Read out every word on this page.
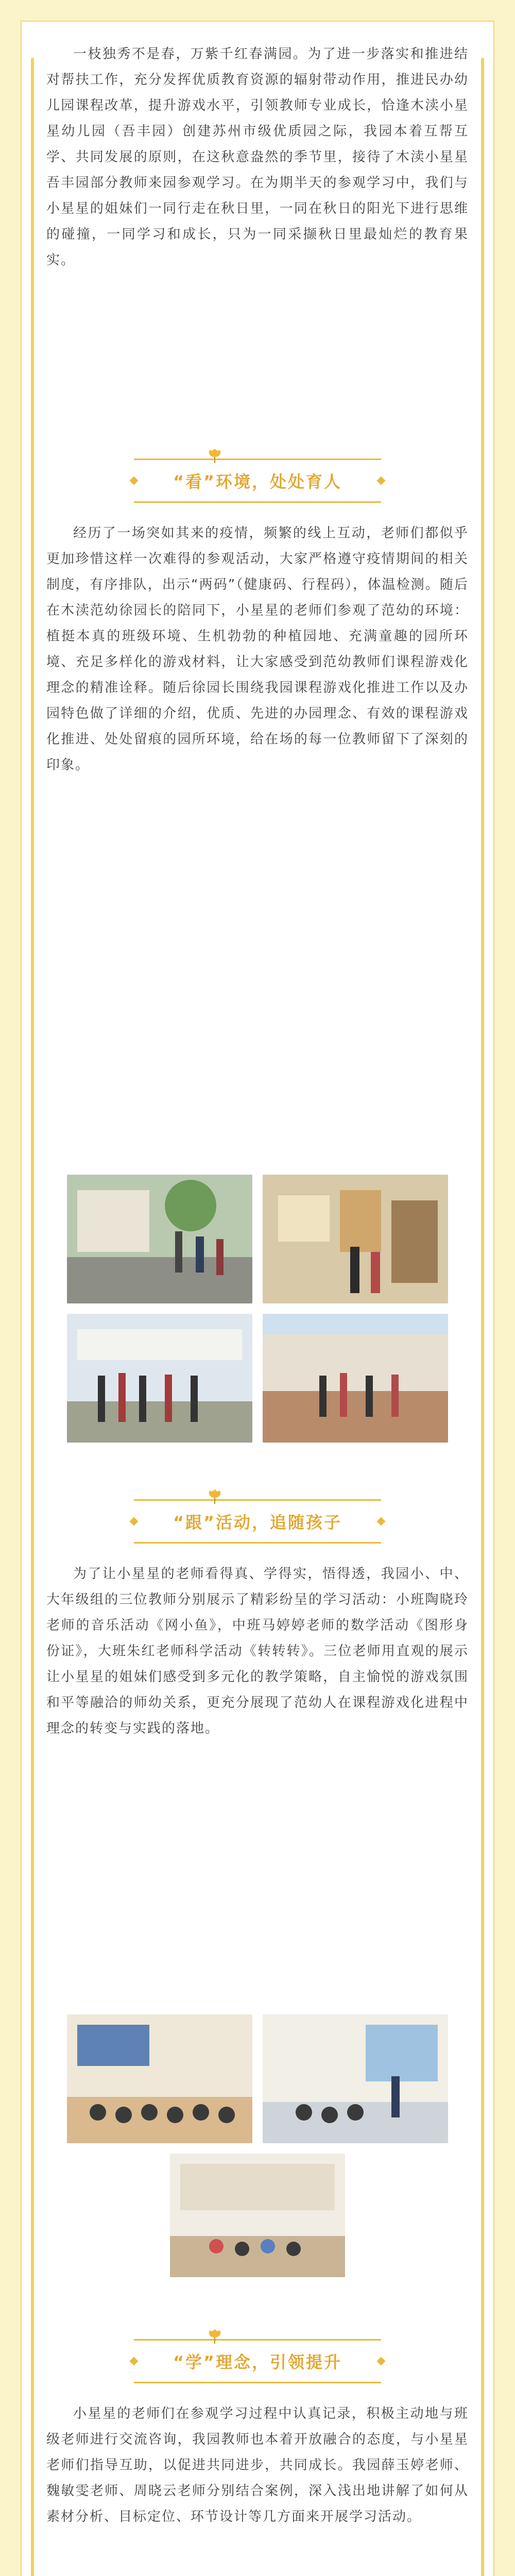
一枝独秀不是春，万紫千红春满园。为了进一步落实和推进结对帮扶工作，充分发挥优质教育资源的辐射带动作用，推进民办幼儿园课程改革，提升游戏水平，引领教师专业成长，恰逢木渎小星星幼儿园（吾丰园）创建苏州市级优质园之际，我园本着互帮互学、共同发展的原则，在这秋意盎然的季节里，接待了木渎小星星吾丰园部分教师来园参观学习。在为期半天的参观学习中，我们与小星星的姐妹们一同行走在秋日里，一同在秋日的阳光下进行思维的碰撞，一同学习和成长，只为一同采撷秋日里最灿烂的教育果实。

“看”环境，处处育人

经历了一场突如其来的疫情，频繁的线上互动，老师们都似乎更加珍惜这样一次难得的参观活动，大家严格遵守疫情期间的相关制度，有序排队，出示“两码”（健康码、行程码），体温检测。随后在木渎范幼徐园长的陪同下，小星星的老师们参观了范幼的环境：植挺本真的班级环境、生机勃勃的种植园地、充满童趣的园所环境、充足多样化的游戏材料，让大家感受到范幼教师们课程游戏化理念的精准诠释。随后徐园长围绕我园课程游戏化推进工作以及办园特色做了详细的介绍，优质、先进的办园理念、有效的课程游戏化推进、处处留痕的园所环境，给在场的每一位教师留下了深刻的印象。

“跟”活动，追随孩子

为了让小星星的老师看得真、学得实，悟得透，我园小、中、大年级组的三位教师分别展示了精彩纷呈的学习活动：小班陶晓玲老师的音乐活动《网小鱼》，中班马婷婷老师的数学活动《图形身份证》，大班朱红老师科学活动《转转转》。三位老师用直观的展示让小星星的姐妹们感受到多元化的教学策略，自主愉悦的游戏氛围和平等融洽的师幼关系，更充分展现了范幼人在课程游戏化进程中理念的转变与实践的落地。

“学”理念，引领提升

小星星的老师们在参观学习过程中认真记录，积极主动地与班级老师进行交流咨询，我园教师也本着开放融合的态度，与小星星老师们指导互助，以促进共同进步，共同成长。我园薛玉婷老师、魏敏雯老师、周晓云老师分别结合案例，深入浅出地讲解了如何从素材分析、目标定位、环节设计等几方面来开展学习活动。
